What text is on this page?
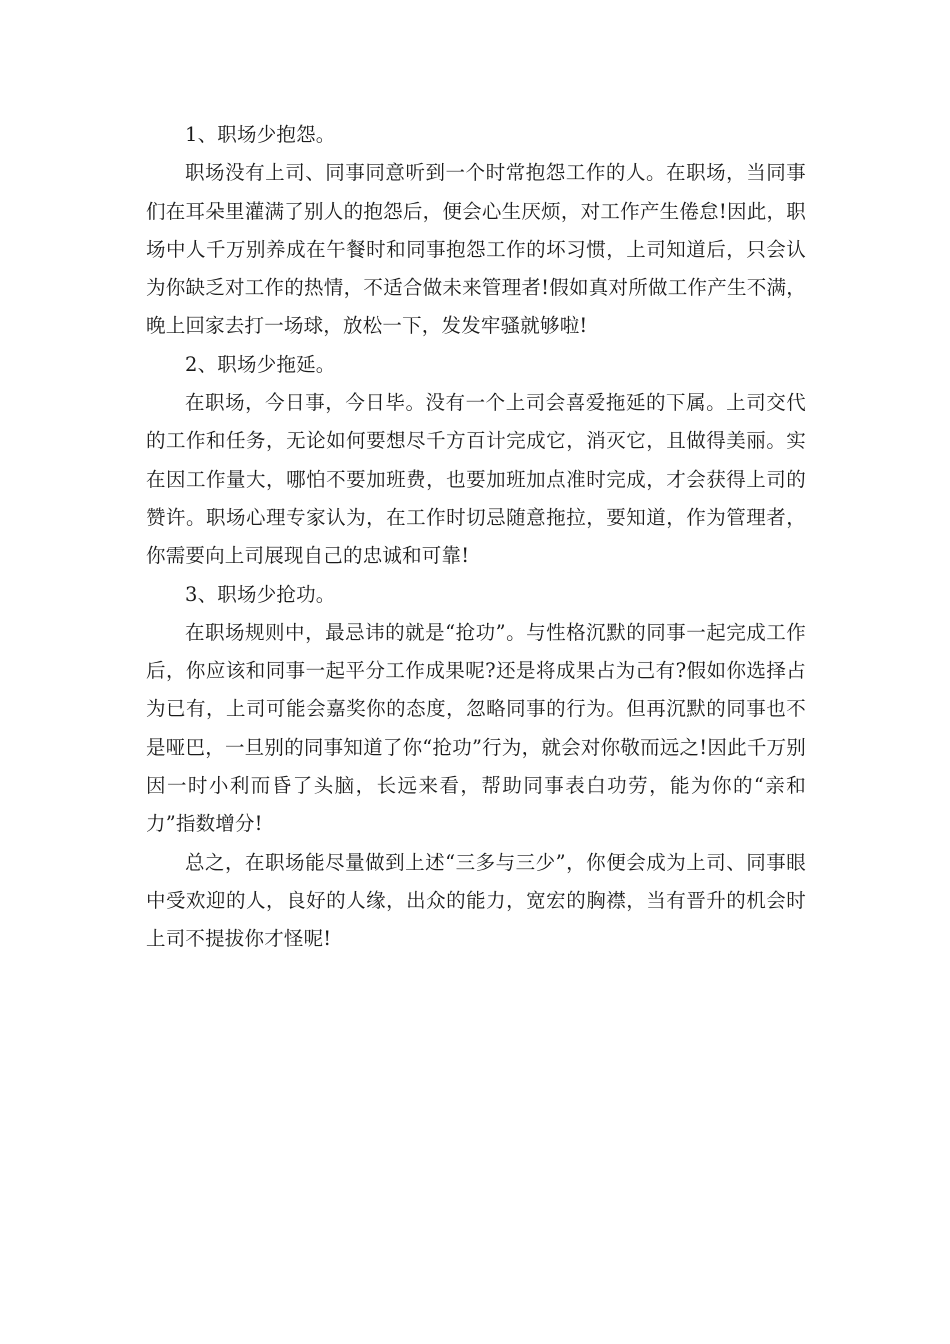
1、职场少抱怨。

职场没有上司、同事同意听到一个时常抱怨工作的人。在职场，当同事们在耳朵里灌满了别人的抱怨后，便会心生厌烦，对工作产生倦怠!因此，职场中人千万别养成在午餐时和同事抱怨工作的坏习惯，上司知道后，只会认为你缺乏对工作的热情，不适合做未来管理者!假如真对所做工作产生不满，晚上回家去打一场球，放松一下，发发牢骚就够啦!

2、职场少拖延。

在职场，今日事，今日毕。没有一个上司会喜爱拖延的下属。上司交代的工作和任务，无论如何要想尽千方百计完成它，消灭它，且做得美丽。实在因工作量大，哪怕不要加班费，也要加班加点准时完成，才会获得上司的赞许。职场心理专家认为，在工作时切忌随意拖拉，要知道，作为管理者，你需要向上司展现自己的忠诚和可靠!

3、职场少抢功。

在职场规则中，最忌讳的就是“抢功”。与性格沉默的同事一起完成工作后，你应该和同事一起平分工作成果呢?还是将成果占为己有?假如你选择占为已有，上司可能会嘉奖你的态度，忽略同事的行为。但再沉默的同事也不是哑巴，一旦别的同事知道了你“抢功”行为，就会对你敬而远之!因此千万别因一时小利而昏了头脑，长远来看，帮助同事表白功劳，能为你的“亲和力”指数增分!

总之，在职场能尽量做到上述“三多与三少”，你便会成为上司、同事眼中受欢迎的人，良好的人缘，出众的能力，宽宏的胸襟，当有晋升的机会时上司不提拔你才怪呢!
